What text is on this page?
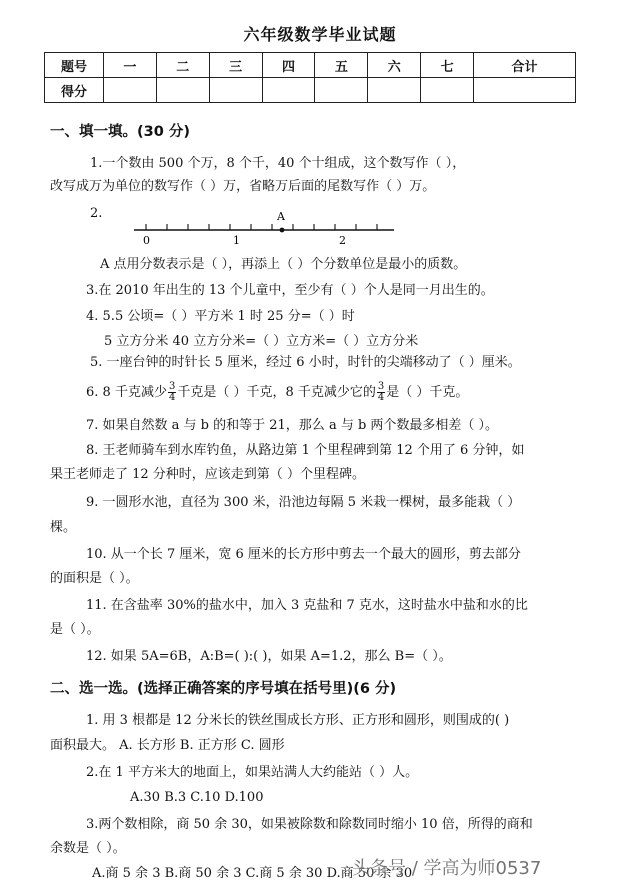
六年级数学毕业试题
题号	一	二	三	四	五	六	七	合计
得分								
一、填一填。(30 分)
1.一个数由 500 个万，8 个千，40 个十组成，这个数写作（ ），
改写成万为单位的数写作（ ）万，省略万后面的尾数写作（ ）万。
2.	A
0	1	2
A 点用分数表示是（ ），再添上（ ）个分数单位是最小的质数。
3.在 2010 年出生的 13 个儿童中，至少有（ ）个人是同一月出生的。
4. 5.5 公顷=（ ）平方米 1 时 25 分=（ ）时
5 立方分米 40 立方分米=（ ）立方米=（ ）立方分米
5. 一座台钟的时针长 5 厘米，经过 6 小时，时针的尖端移动了（ ）厘米。
6. 8 千克减少 $\frac{3}{4}$ 千克是（ ）千克，8 千克减少它的 $\frac{3}{4}$ 是（ ）千克。
7. 如果自然数 a 与 b 的和等于 21，那么 a 与 b 两个数最多相差（ ）。
8. 王老师骑车到水库钓鱼，从路边第 1 个里程碑到第 12 个用了 6 分钟，如
果王老师走了 12 分种时，应该走到第（ ）个里程碑。
9. 一圆形水池，直径为 300 米，沿池边每隔 5 米栽一棵树，最多能栽（ ）
棵。
10. 从一个长 7 厘米，宽 6 厘米的长方形中剪去一个最大的圆形，剪去部分
的面积是（ ）。
11. 在含盐率 30%的盐水中，加入 3 克盐和 7 克水，这时盐水中盐和水的比
是（ ）。
12. 如果 5A=6B，A:B=( ):( )，如果 A=1.2，那么 B=（ ）。
二、选一选。(选择正确答案的序号填在括号里)(6 分)
1. 用 3 根都是 12 分米长的铁丝围成长方形、正方形和圆形，则围成的( )
面积最大。 A. 长方形 B. 正方形 C. 圆形
2.在 1 平方米大的地面上，如果站满人大约能站（ ）人。
A.30 B.3 C.10 D.100
3.两个数相除，商 50 余 30，如果被除数和除数同时缩小 10 倍，所得的商和
余数是（ ）。
A.商 5 余 3 B.商 50 余 3 C.商 5 余 30 D.商 50 余 30
头条号 / 学高为师0537
